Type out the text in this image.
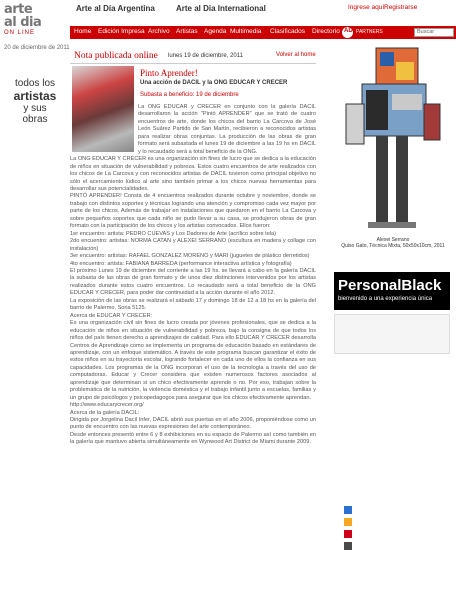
arte
al dia
ON LINE
Arte al Día Argentina	Arte al Dia International	Ingrese aquí Registrarse
Home Edición Impresa Archivo Artistas Agenda Multimedia Clasificados Directorio AD PARTNERS	Buscar
20 de diciembre de 2011
todos los
artistas
y sus obras
Nota publicada online lunes 19 de diciembre, 2011	Volver al home
Pinto Aprender!
Una acción de DACIL y la ONG EDUCAR Y CRECER
Subasta a beneficio: 19 de diciembre

La ONG EDUCAR y CRECER en conjunto con la galería DACIL desarrollaron la acción "Pintó APRENDER" que se trató de cuatro encuentros de arte, donde los chicos del barrio La Carcova de José León Suárez Partido de San Martín, recibieron a reconocidos artistas para realizar obras conjuntas. La producción de las obras de gran formato será subastada el lunes 19 de diciembre a las 19 hs en DACIL y lo recaudado será a total beneficio de la ONG.

La ONG EDUCAR Y CRECER es una organización sin fines de lucro que se dedica a la educación de niños en situación de vulnerabilidad y pobreza. Estos cuatro encuentros de arte realizados con los chicos de La Carcova y con reconocidos artistas de DACIL tuvieron como principal objetivo no sólo el acercamiento lúdico al arte sino también primar a los chicos nuevas herramientas para desarrollar sus potencialidades.

PINTÓ APRENDER! Consta de 4 encuentros realizados durante octubre y noviembre, donde se trabajo con distintos soportes y técnicas logrando una atención y compromiso cada vez mayor por parte de los chicos. Además de trabajar en instalaciones que quedaron en el barrio La Carcova y sobre pequeños soportes que cada niño se pudo llevar a su casa, se produjeron obras de gran formato con la participación de los chicos y los artistas convocados. Ellos fueron:

1er encuentro: artista: PEDRO CUEVAS y Los Dadores de Arte (acrílico sobre tela)

2do encuentro: artistas: NORMA CATAN y ALEXEI SERRANO (escultura en madera y collage con instalación)

3er encuentro: artistas: RAFAEL GONZALEZ MORENO y MARI (juguetes de plástico derretidos)

4to encuentro: artista: FABIANA BARREDA (performance interactiva artística y fotografía)

El próximo Lunes 19 de diciembre del corriente a las 19 hs. se llevará a cabo en la galería DACIL la subasta de las obras de gran formato y de unos diez distinciones intervenidos por los artistas realizados durante estos cuatro encuentros. Lo recaudado será a total beneficio de la ONG EDUCAR Y CRECER, para poder dar continuidad a la acción durante el año 2012.

La exposición de las obras se realizará el sábado 17 y domingo 18 de 12 a 18 hs en la galería del barrio de Palermo, Soria 5125.

Acerca de EDUCAR Y CRECER:

Es una organización civil sin fines de lucro creada por jóvenes profesionales, que se dedica a la educación de niños en situación de vulnerabilidad y pobreza, bajo la consigna de que todos los niños del país tienen derecho a aprendizajes de calidad. Para ello EDUCAR Y CRECER desarrolla Centros de Aprendizaje como se implementa un programa de educación basado en estándares de aprendizaje, con un enfoque sistemático. A través de este programa buscan garantizar el éxito de estos niños en su trayectoria escolar, logrando fortalecer en cada uno de ellos la confianza en sus capacidades. Los programas de la ONG incorporan el uso de la tecnología a través del uso de computadoras. Educar y Crecer considera que existen numerosos factores asociados al aprendizaje que determinan si un chico efectivamente aprende o no. Por eso, trabajan sobre la problemática de la nutrición, la violencia doméstica y el trabajo infantil junto a escuelas, familias y un grupo de psicólogos y psicopedagogos para asegurar que los chicos efectivamente aprendan.

http://www.educarycrecer.org/

Acerca de la galería DACIL:

Dirigida por Jorgelina Dacil Infer, DACIL abrió sus puertas en el año 2006, proponiéndose como un punto de encuentro con las nuevas expresiones del arte contemporáneo.

Desde entonces presentó entre 6 y 8 exhibiciones en su espacio de Palermo así como también en la galería que mantuvo abierta simultáneamente en Wynwood Art District de Miami durante 2009.

Alexei Serrano
Quiso Gato, Técnica Mixta, 50x50x10cm, 2011
PersonalBlack
bienvenido a una experiencia única
